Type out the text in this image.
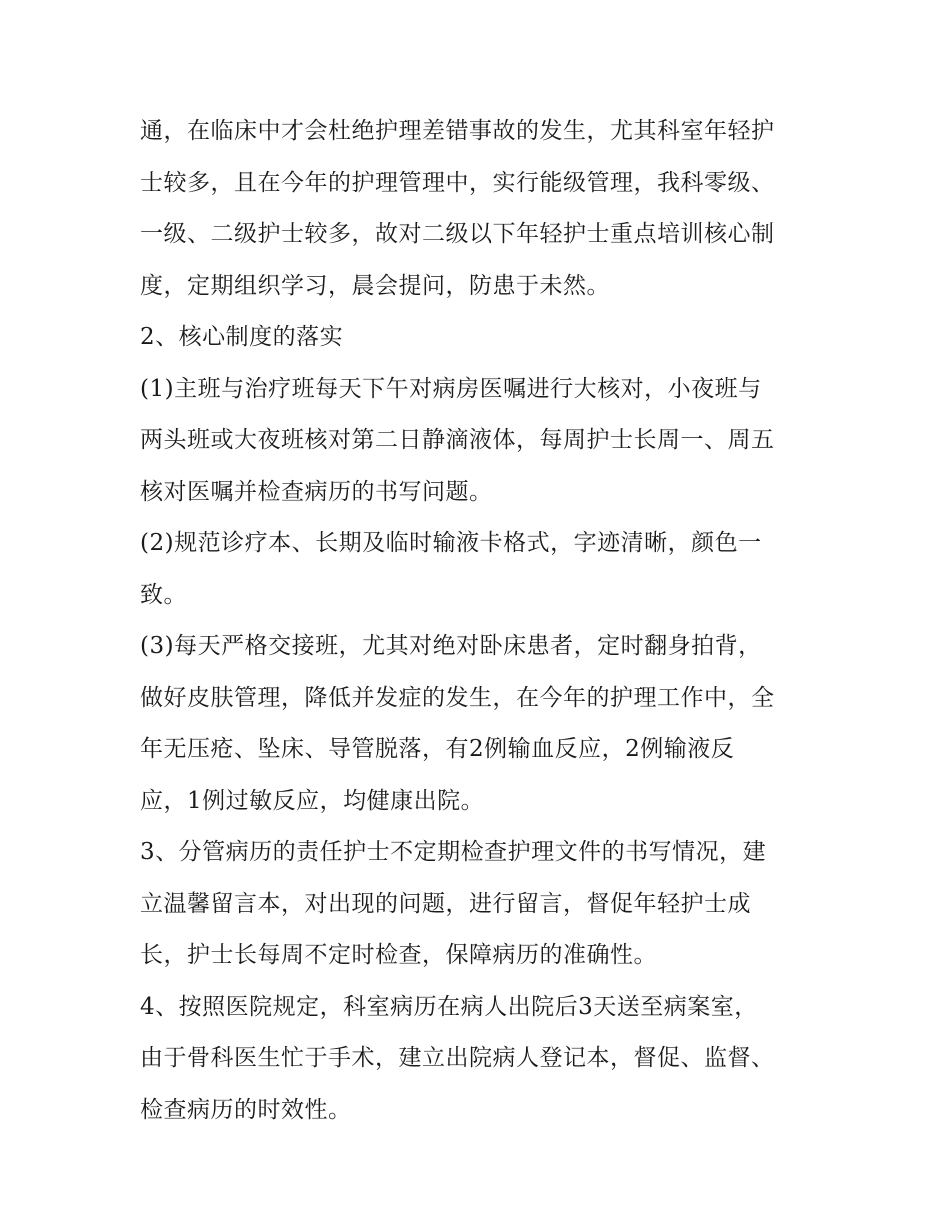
通，在临床中才会杜绝护理差错事故的发生，尤其科室年轻护
士较多，且在今年的护理管理中，实行能级管理，我科零级、
一级、二级护士较多，故对二级以下年轻护士重点培训核心制
度，定期组织学习，晨会提问，防患于未然。
2、核心制度的落实
(1)主班与治疗班每天下午对病房医嘱进行大核对，小夜班与
两头班或大夜班核对第二日静滴液体，每周护士长周一、周五
核对医嘱并检查病历的书写问题。
(2)规范诊疗本、长期及临时输液卡格式，字迹清晰，颜色一
致。
(3)每天严格交接班，尤其对绝对卧床患者，定时翻身拍背，
做好皮肤管理，降低并发症的发生，在今年的护理工作中，全
年无压疮、坠床、导管脱落，有2例输血反应，2例输液反
应，1例过敏反应，均健康出院。
3、分管病历的责任护士不定期检查护理文件的书写情况，建
立温馨留言本，对出现的问题，进行留言，督促年轻护士成
长，护士长每周不定时检查，保障病历的准确性。
4、按照医院规定，科室病历在病人出院后3天送至病案室，
由于骨科医生忙于手术，建立出院病人登记本，督促、监督、
检查病历的时效性。
